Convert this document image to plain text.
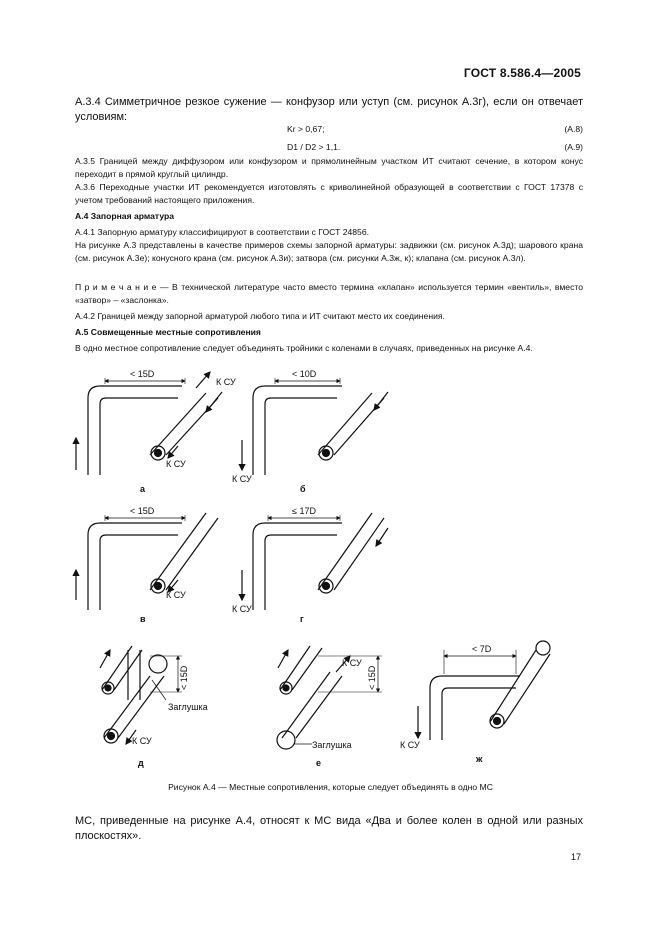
ГОСТ 8.586.4—2005
А.3.4 Симметричное резкое сужение — конфузор или уступ (см. рисунок А.3г), если он отвечает условиям:
Kr > 0,67;	(А.8)
D1 / D2 > 1,1.	(А.9)
А.3.5 Границей между диффузором или конфузором и прямолинейным участком ИТ считают сечение, в котором конус переходит в прямой круглый цилиндр.
А.3.6 Переходные участки ИТ рекомендуется изготовлять с криволинейной образующей в соответствии с ГОСТ 17378 с учетом требований настоящего приложения.
А.4 Запорная арматура
А.4.1 Запорную арматуру классифицируют в соответствии с ГОСТ 24856.
На рисунке А.3 представлены в качестве примеров схемы запорной арматуры: задвижки (см. рисунок А.3д); шарового крана (см. рисунок А.3е); конусного крана (см. рисунок А.3и); затвора (см. рисунки А.3ж, к); клапана (см. рисунок А.3л).
П р и м е ч а н и е — В технической литературе часто вместо термина «клапан» используется термин «вентиль», вместо «затвор» – «заслонка».
А.4.2 Границей между запорной арматурой любого типа и ИТ считают место их соединения.
А.5 Совмещенные местные сопротивления
В одно местное сопротивление следует объединять тройники с коленами в случаях, приведенных на рисунке А.4.
< 15D
К СУ
К СУ
а
< 10D
К СУ
б
< 15D
К СУ
в
≤ 17D
К СУ
г
< 15D
Заглушка
К СУ
д
< 15D
К СУ
Заглушка
е
< 7D
К СУ
ж
Рисунок А.4 — Местные сопротивления, которые следует объединять в одно МС
МС, приведенные на рисунке А.4, относят к МС вида «Два и более колен в одной или разных плоскостях».
17
